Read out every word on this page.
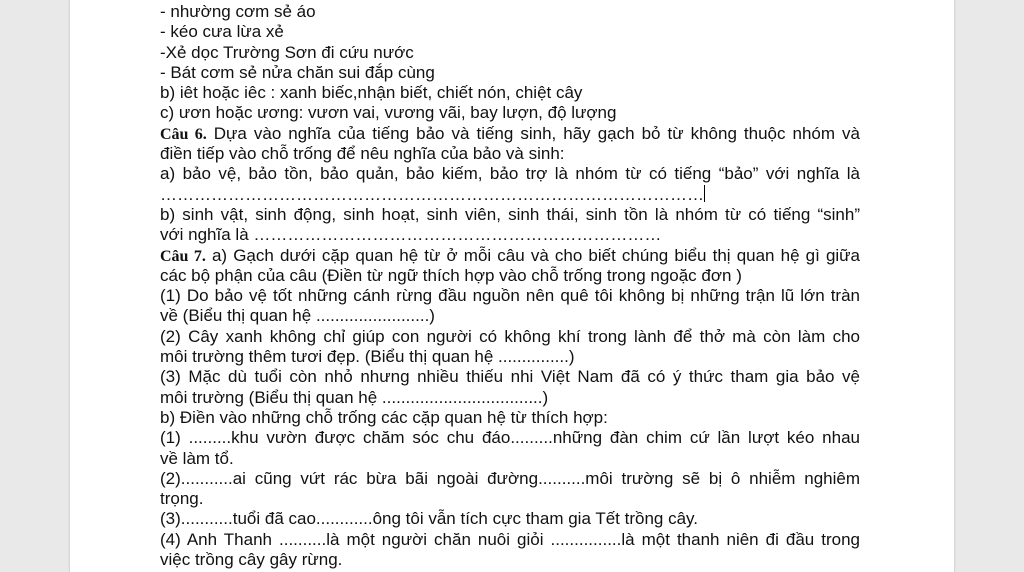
- nhường cơm sẻ áo
- kéo cưa lừa xẻ
-Xẻ dọc Trường Sơn đi cứu nước
- Bát cơm sẻ nửa chăn sui đắp cùng
b) iêt hoặc iêc : xanh biếc,nhận biết, chiết nón, chiệt cây
c) ươn hoặc ương: vươn vai, vương vãi, bay lượn, độ lượng
Câu 6. Dựa vào nghĩa của tiếng bảo và tiếng sinh, hãy gạch bỏ từ không thuộc nhóm và
điền tiếp vào chỗ trống để nêu nghĩa của bảo và sinh:
a) bảo vệ, bảo tồn, bảo quản, bảo kiếm, bảo trợ là nhóm từ có tiếng “bảo” với nghĩa là
……………………………………………………………………………………
b) sinh vật, sinh động, sinh hoạt, sinh viên, sinh thái, sinh tồn là nhóm từ có tiếng “sinh”
với nghĩa là ………………………………………………………………
Câu 7. a) Gạch dưới cặp quan hệ từ ở mỗi câu và cho biết chúng biểu thị quan hệ gì giữa
các bộ phận của câu (Điền từ ngữ thích hợp vào chỗ trống trong ngoặc đơn )
(1) Do bảo vệ tốt những cánh rừng đầu nguồn nên quê tôi không bị những trận lũ lớn tràn
về (Biểu thị quan hệ ........................)
(2) Cây xanh không chỉ giúp con người có không khí trong lành để thở mà còn làm cho
môi trường thêm tươi đẹp. (Biểu thị quan hệ ...............)
(3) Mặc dù tuổi còn nhỏ nhưng nhiều thiếu nhi Việt Nam đã có ý thức tham gia bảo vệ
môi trường (Biểu thị quan hệ ..................................)
b) Điền vào những chỗ trống các cặp quan hệ từ thích hợp:
(1) .........khu vườn được chăm sóc chu đáo.........những đàn chim cứ lần lượt kéo nhau
về làm tổ.
(2)...........ai cũng vứt rác bừa bãi ngoài đường..........môi trường sẽ bị ô nhiễm nghiêm
trọng.
(3)...........tuổi đã cao............ông tôi vẫn tích cực tham gia Tết trồng cây.
(4) Anh Thanh ..........là một người chăn nuôi giỏi ...............là một thanh niên đi đầu trong
việc trồng cây gây rừng.
